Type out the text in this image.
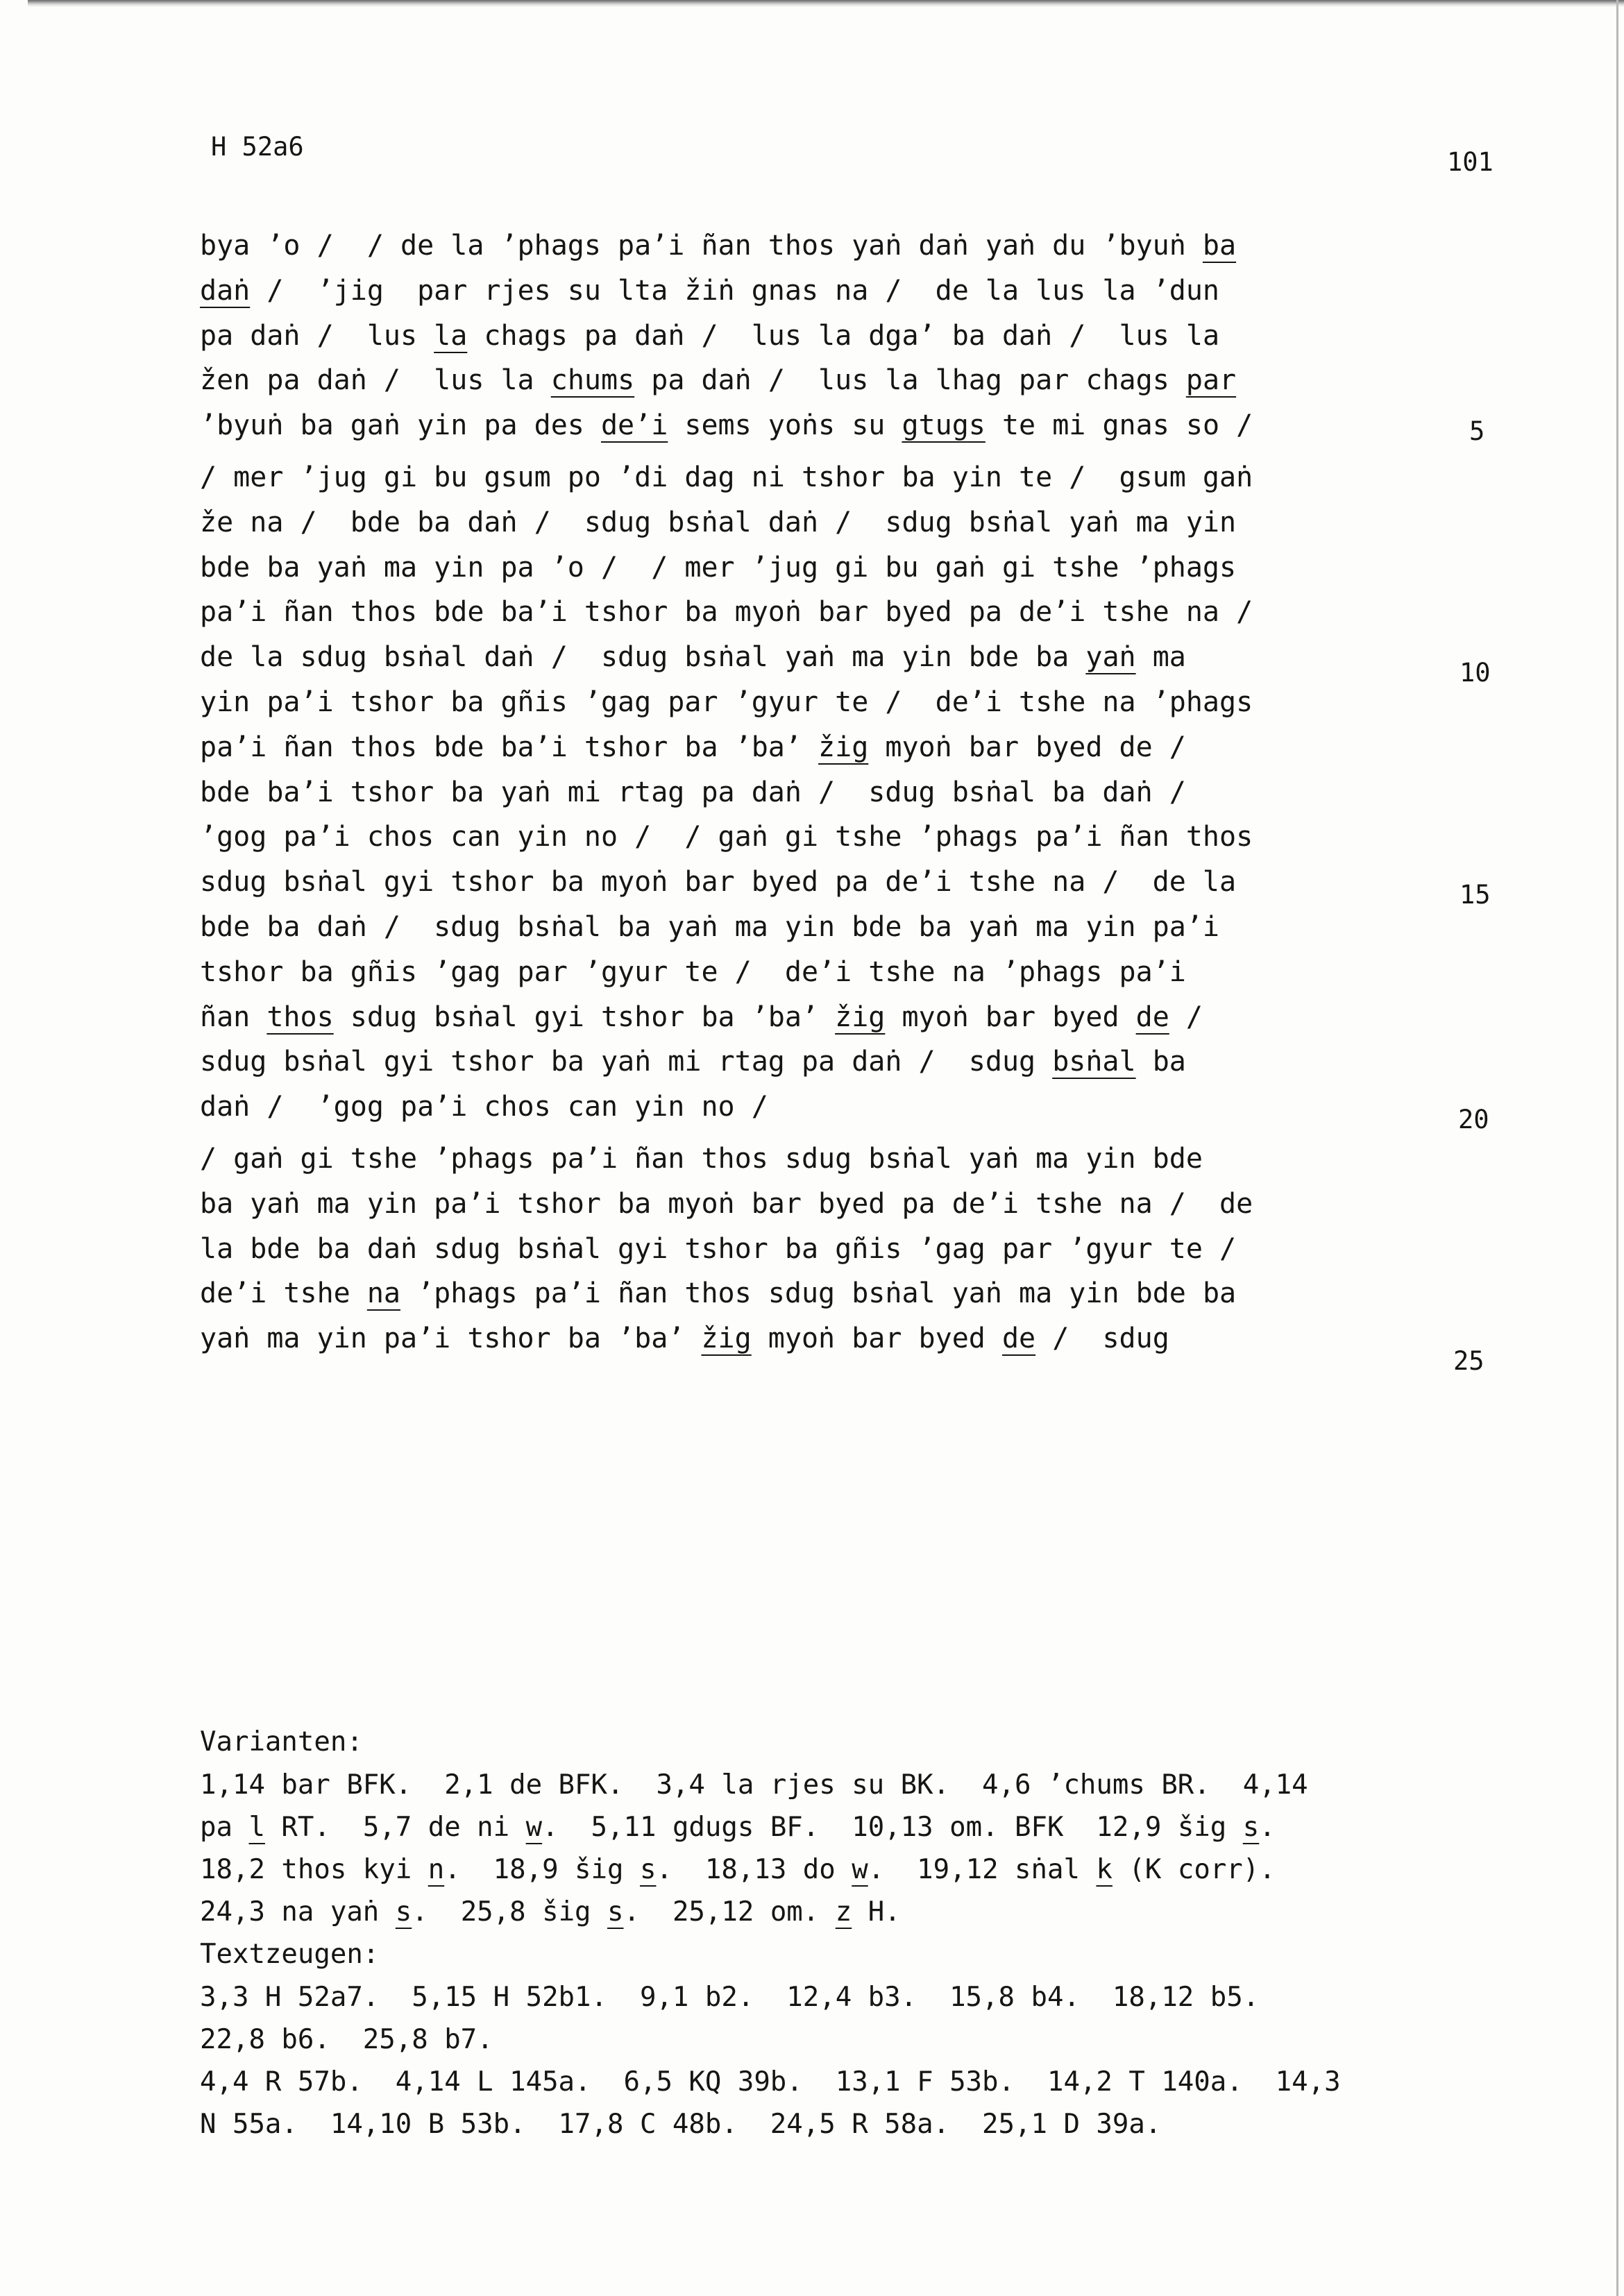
H 52a6
101
bya ’o /  / de la ’phags pa’i ñan thos yaṅ daṅ yaṅ du ’byuṅ ba
daṅ /  ’jig  par rjes su lta žiṅ gnas na /  de la lus la ’dun
pa daṅ /  lus la chags pa daṅ /  lus la dga’ ba daṅ /  lus la
žen pa daṅ /  lus la chums pa daṅ /  lus la lhag par chags par
’byuṅ ba gaṅ yin pa des de’i sems yoṅs su gtugs te mi gnas so /
/ mer ’jug gi bu gsum po ’di dag ni tshor ba yin te /  gsum gaṅ
že na /  bde ba daṅ /  sdug bsṅal daṅ /  sdug bsṅal yaṅ ma yin
bde ba yaṅ ma yin pa ’o /  / mer ’jug gi bu gaṅ gi tshe ’phags
pa’i ñan thos bde ba’i tshor ba myoṅ bar byed pa de’i tshe na /
de la sdug bsṅal daṅ /  sdug bsṅal yaṅ ma yin bde ba yaṅ ma
yin pa’i tshor ba gñis ’gag par ’gyur te /  de’i tshe na ’phags
pa’i ñan thos bde ba’i tshor ba ’ba’ žig myoṅ bar byed de /
bde ba’i tshor ba yaṅ mi rtag pa daṅ /  sdug bsṅal ba daṅ /
’gog pa’i chos can yin no /  / gaṅ gi tshe ’phags pa’i ñan thos
sdug bsṅal gyi tshor ba myoṅ bar byed pa de’i tshe na /  de la
bde ba daṅ /  sdug bsṅal ba yaṅ ma yin bde ba yaṅ ma yin pa’i
tshor ba gñis ’gag par ’gyur te /  de’i tshe na ’phags pa’i
ñan thos sdug bsṅal gyi tshor ba ’ba’ žig myoṅ bar byed de /
sdug bsṅal gyi tshor ba yaṅ mi rtag pa daṅ /  sdug bsṅal ba
daṅ /  ’gog pa’i chos can yin no /
/ gaṅ gi tshe ’phags pa’i ñan thos sdug bsṅal yaṅ ma yin bde
ba yaṅ ma yin pa’i tshor ba myoṅ bar byed pa de’i tshe na /  de
la bde ba daṅ sdug bsṅal gyi tshor ba gñis ’gag par ’gyur te /
de’i tshe na ’phags pa’i ñan thos sdug bsṅal yaṅ ma yin bde ba
yaṅ ma yin pa’i tshor ba ’ba’ žig myoṅ bar byed de /  sdug
5
10
15
20
25
Varianten:
1,14 bar BFK.  2,1 de BFK.  3,4 la rjes su BK.  4,6 ’chums BR.  4,14
pa l RT.  5,7 de ni w.  5,11 gdugs BF.  10,13 om. BFK  12,9 šig s.
18,2 thos kyi n.  18,9 šig s.  18,13 do w.  19,12 sṅal k (K corr).
24,3 na yaṅ s.  25,8 šig s.  25,12 om. z H.
Textzeugen:
3,3 H 52a7.  5,15 H 52b1.  9,1 b2.  12,4 b3.  15,8 b4.  18,12 b5.
22,8 b6.  25,8 b7.
4,4 R 57b.  4,14 L 145a.  6,5 KQ 39b.  13,1 F 53b.  14,2 T 140a.  14,3
N 55a.  14,10 B 53b.  17,8 C 48b.  24,5 R 58a.  25,1 D 39a.
